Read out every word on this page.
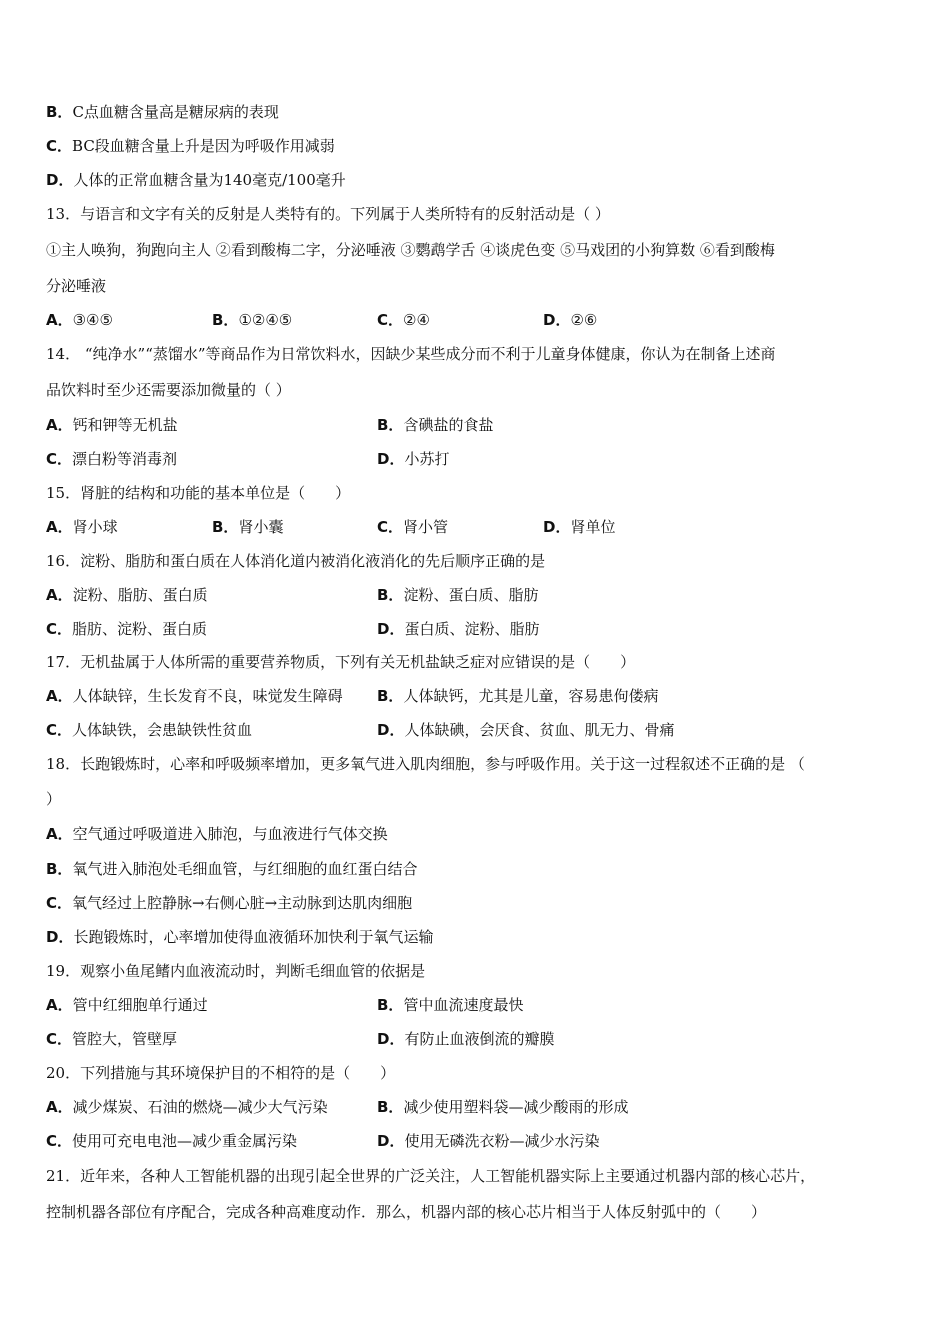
B．C点血糖含量高是糖尿病的表现
C．BC段血糖含量上升是因为呼吸作用减弱
D．人体的正常血糖含量为140毫克/100毫升
13．与语言和文字有关的反射是人类特有的。下列属于人类所特有的反射活动是（ ）
①主人唤狗，狗跑向主人 ②看到酸梅二字，分泌唾液 ③鹦鹉学舌 ④谈虎色变 ⑤马戏团的小狗算数 ⑥看到酸梅
分泌唾液
A．③④⑤	B．①②④⑤	C．②④	D．②⑥
14． “纯净水”“蒸馏水”等商品作为日常饮料水，因缺少某些成分而不利于儿童身体健康，你认为在制备上述商
品饮料时至少还需要添加微量的（ ）
A．钙和钾等无机盐	B．含碘盐的食盐
C．漂白粉等消毒剂	D．小苏打
15．肾脏的结构和功能的基本单位是（　　）
A．肾小球	B．肾小囊	C．肾小管	D．肾单位
16．淀粉、脂肪和蛋白质在人体消化道内被消化液消化的先后顺序正确的是
A．淀粉、脂肪、蛋白质	B．淀粉、蛋白质、脂肪
C．脂肪、淀粉、蛋白质	D．蛋白质、淀粉、脂肪
17．无机盐属于人体所需的重要营养物质，下列有关无机盐缺乏症对应错误的是（　　）
A．人体缺锌，生长发育不良，味觉发生障碍 B．人体缺钙，尤其是儿童，容易患佝偻病
C．人体缺铁，会患缺铁性贫血	D．人体缺碘，会厌食、贫血、肌无力、骨痛
18．长跑锻炼时，心率和呼吸频率增加，更多氧气进入肌肉细胞，参与呼吸作用。关于这一过程叙述不正确的是 （
）
A．空气通过呼吸道进入肺泡，与血液进行气体交换
B．氧气进入肺泡处毛细血管，与红细胞的血红蛋白结合
C．氧气经过上腔静脉→右侧心脏→主动脉到达肌肉细胞
D．长跑锻炼时，心率增加使得血液循环加快利于氧气运输
19．观察小鱼尾鳍内血液流动时，判断毛细血管的依据是
A．管中红细胞单行通过	B．管中血流速度最快
C．管腔大，管壁厚	D．有防止血液倒流的瓣膜
20．下列措施与其环境保护目的不相符的是（　　）
A．减少煤炭、石油的燃烧—减少大气污染	B．减少使用塑料袋—减少酸雨的形成
C．使用可充电电池—减少重金属污染	D．使用无磷洗衣粉—减少水污染
21．近年来，各种人工智能机器的出现引起全世界的广泛关注，人工智能机器实际上主要通过机器内部的核心芯片，
控制机器各部位有序配合，完成各种高难度动作．那么，机器内部的核心芯片相当于人体反射弧中的（　　）
